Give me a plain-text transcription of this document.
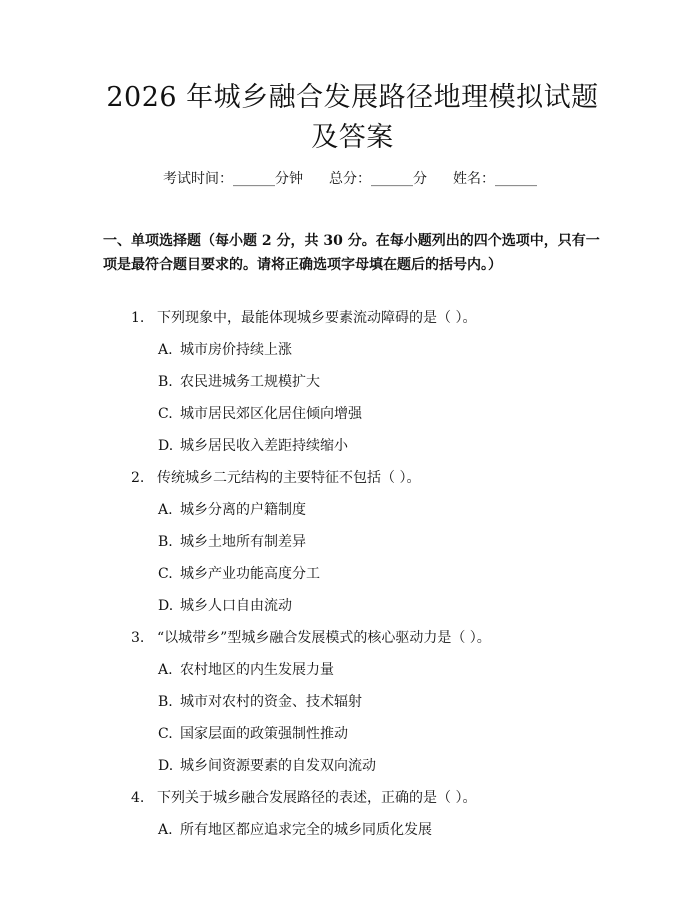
2026 年城乡融合发展路径地理模拟试题及答案
考试时间：______分钟 总分：______分 姓名：______
一、单项选择题（每小题 2 分，共 30 分。在每小题列出的四个选项中，只有一项是最符合题目要求的。请将正确选项字母填在题后的括号内。）
1. 下列现象中，最能体现城乡要素流动障碍的是（ ）。
A. 城市房价持续上涨
B. 农民进城务工规模扩大
C. 城市居民郊区化居住倾向增强
D. 城乡居民收入差距持续缩小
2. 传统城乡二元结构的主要特征不包括（ ）。
A. 城乡分离的户籍制度
B. 城乡土地所有制差异
C. 城乡产业功能高度分工
D. 城乡人口自由流动
3. “以城带乡”型城乡融合发展模式的核心驱动力是（ ）。
A. 农村地区的内生发展力量
B. 城市对农村的资金、技术辐射
C. 国家层面的政策强制性推动
D. 城乡间资源要素的自发双向流动
4. 下列关于城乡融合发展路径的表述，正确的是（ ）。
A. 所有地区都应追求完全的城乡同质化发展
